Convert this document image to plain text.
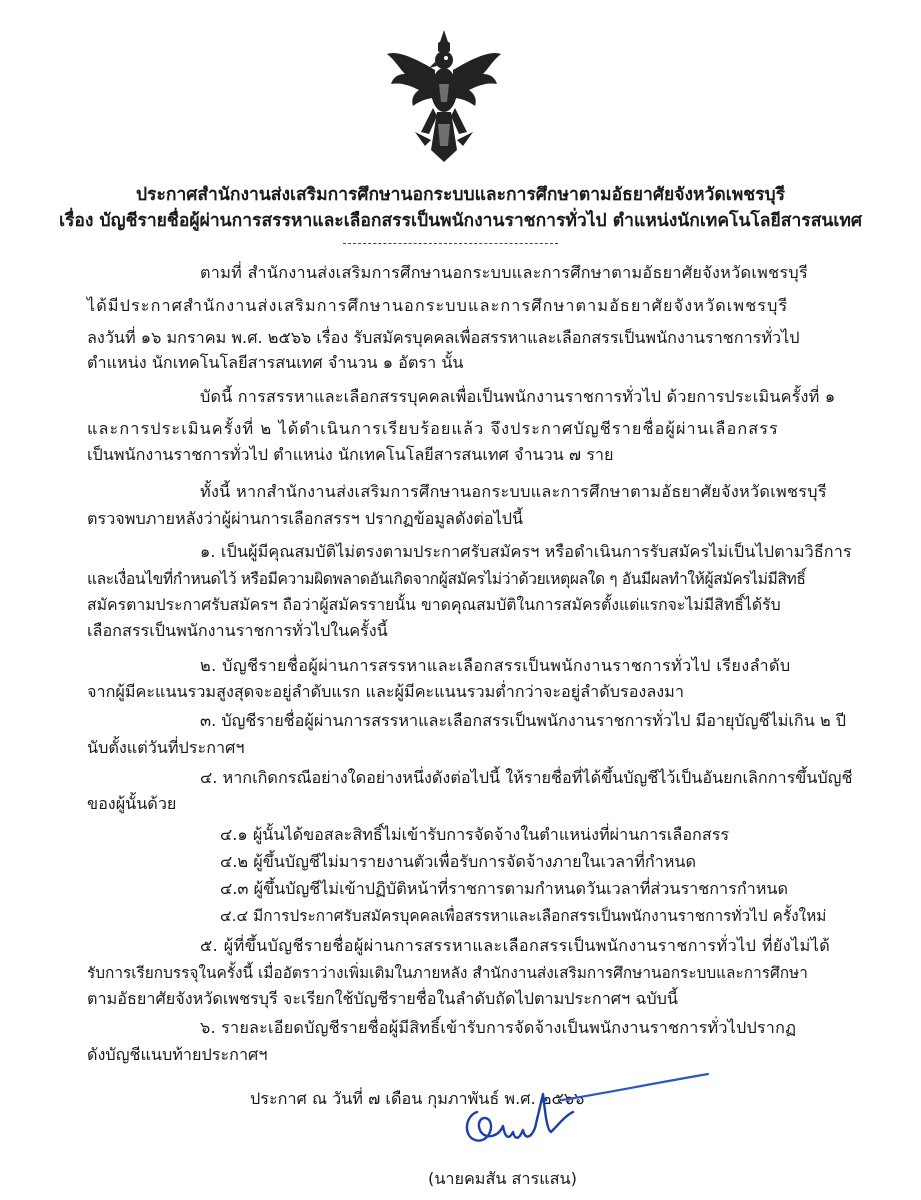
ประกาศสำนักงานส่งเสริมการศึกษานอกระบบและการศึกษาตามอัธยาศัยจังหวัดเพชรบุรี
เรื่อง บัญชีรายชื่อผู้ผ่านการสรรหาและเลือกสรรเป็นพนักงานราชการทั่วไป ตำแหน่งนักเทคโนโลยีสารสนเทศ
ตามที่ สำนักงานส่งเสริมการศึกษานอกระบบและการศึกษาตามอัธยาศัยจังหวัดเพชรบุรี
ได้มีประกาศสำนักงานส่งเสริมการศึกษานอกระบบและการศึกษาตามอัธยาศัยจังหวัดเพชรบุรี
ลงวันที่ ๑๖ มกราคม พ.ศ. ๒๕๖๖ เรื่อง รับสมัครบุคคลเพื่อสรรหาและเลือกสรรเป็นพนักงานราชการทั่วไป
ตำแหน่ง นักเทคโนโลยีสารสนเทศ จำนวน ๑ อัตรา นั้น
บัดนี้ การสรรหาและเลือกสรรบุคคลเพื่อเป็นพนักงานราชการทั่วไป ด้วยการประเมินครั้งที่ ๑
และการประเมินครั้งที่ ๒ ได้ดำเนินการเรียบร้อยแล้ว จึงประกาศบัญชีรายชื่อผู้ผ่านเลือกสรร
เป็นพนักงานราชการทั่วไป ตำแหน่ง นักเทคโนโลยีสารสนเทศ จำนวน ๗ ราย
ทั้งนี้ หากสำนักงานส่งเสริมการศึกษานอกระบบและการศึกษาตามอัธยาศัยจังหวัดเพชรบุรี
ตรวจพบภายหลังว่าผู้ผ่านการเลือกสรรฯ ปรากฏข้อมูลดังต่อไปนี้
๑. เป็นผู้มีคุณสมบัติไม่ตรงตามประกาศรับสมัครฯ หรือดำเนินการรับสมัครไม่เป็นไปตามวิธีการ
และเงื่อนไขที่กำหนดไว้ หรือมีความผิดพลาดอันเกิดจากผู้สมัครไม่ว่าด้วยเหตุผลใด ๆ อันมีผลทำให้ผู้สมัครไม่มีสิทธิ์
สมัครตามประกาศรับสมัครฯ ถือว่าผู้สมัครรายนั้น ขาดคุณสมบัติในการสมัครตั้งแต่แรกจะไม่มีสิทธิ์ได้รับ
เลือกสรรเป็นพนักงานราชการทั่วไปในครั้งนี้
๒. บัญชีรายชื่อผู้ผ่านการสรรหาและเลือกสรรเป็นพนักงานราชการทั่วไป เรียงลำดับ
จากผู้มีคะแนนรวมสูงสุดจะอยู่ลำดับแรก และผู้มีคะแนนรวมต่ำกว่าจะอยู่ลำดับรองลงมา
๓. บัญชีรายชื่อผู้ผ่านการสรรหาและเลือกสรรเป็นพนักงานราชการทั่วไป มีอายุบัญชีไม่เกิน ๒ ปี
นับตั้งแต่วันที่ประกาศฯ
๔. หากเกิดกรณีอย่างใดอย่างหนึ่งดังต่อไปนี้ ให้รายชื่อที่ได้ขึ้นบัญชีไว้เป็นอันยกเลิกการขึ้นบัญชี
ของผู้นั้นด้วย
๔.๑ ผู้นั้นได้ขอสละสิทธิ์ไม่เข้ารับการจัดจ้างในตำแหน่งที่ผ่านการเลือกสรร
๔.๒ ผู้ขึ้นบัญชีไม่มารายงานตัวเพื่อรับการจัดจ้างภายในเวลาที่กำหนด
๔.๓ ผู้ขึ้นบัญชีไม่เข้าปฏิบัติหน้าที่ราชการตามกำหนดวันเวลาที่ส่วนราชการกำหนด
๔.๔ มีการประกาศรับสมัครบุคคลเพื่อสรรหาและเลือกสรรเป็นพนักงานราชการทั่วไป ครั้งใหม่
๕. ผู้ที่ขึ้นบัญชีรายชื่อผู้ผ่านการสรรหาและเลือกสรรเป็นพนักงานราชการทั่วไป ที่ยังไม่ได้
รับการเรียกบรรจุในครั้งนี้ เมื่ออัตราว่างเพิ่มเติมในภายหลัง สำนักงานส่งเสริมการศึกษานอกระบบและการศึกษา
ตามอัธยาศัยจังหวัดเพชรบุรี จะเรียกใช้บัญชีรายชื่อในลำดับถัดไปตามประกาศฯ ฉบับนี้
๖. รายละเอียดบัญชีรายชื่อผู้มีสิทธิ์เข้ารับการจัดจ้างเป็นพนักงานราชการทั่วไปปรากฏ
ดังบัญชีแนบท้ายประกาศฯ
ประกาศ ณ วันที่ ๗ เดือน กุมภาพันธ์ พ.ศ. ๒๕๖๖
(นายคมสัน สารแสน)
